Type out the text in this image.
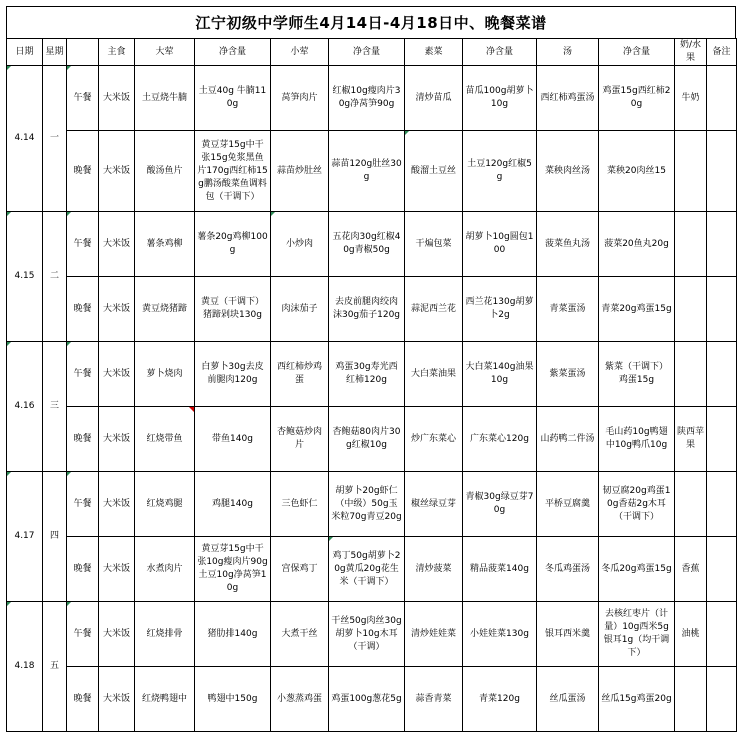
江宁初级中学师生4月14日-4月18日中、晚餐菜谱
日期	星期		主食	大荤	净含量	小荤	净含量	素菜	净含量	汤	净含量	奶/水果	备注
4.14	一	午餐	大米饭	土豆烧牛腩	土豆40g 牛腩110g	莴笋肉片	红椒10g瘦肉片30g净莴笋90g	清炒苗瓜	苗瓜100g胡萝卜10g	西红柿鸡蛋汤	鸡蛋15g西红柿20g	牛奶	
		晚餐	大米饭	酸汤鱼片	黄豆芽15g中干张15g免浆黑鱼片170g西红柿15g鹏汤酸菜鱼调料包（干调下）	蒜苗炒肚丝	蒜苗120g肚丝30g	酸溜土豆丝	土豆120g红椒5g	菜秧肉丝汤	菜秧20肉丝15		
4.15	二	午餐	大米饭	薯条鸡柳	薯条20g鸡柳100g	小炒肉	五花肉30g红椒40g青椒50g	干煸包菜	胡萝卜10g圆包100	菠菜鱼丸汤	菠菜20鱼丸20g		
		晚餐	大米饭	黄豆烧猪蹄	黄豆（干调下）猪蹄剁块130g	肉沫茄子	去皮前腿肉绞肉沫30g茄子120g	蒜泥西兰花	西兰花130g胡萝卜2g	青菜蛋汤	青菜20g鸡蛋15g		
4.16	三	午餐	大米饭	萝卜烧肉	白萝卜30g去皮前腿肉120g	西红柿炒鸡蛋	鸡蛋30g寿光西红柿120g	大白菜油果	大白菜140g油果10g	紫菜蛋汤	紫菜（干调下）鸡蛋15g		
		晚餐	大米饭	红烧带鱼	带鱼140g	杏鲍菇炒肉片	杏鲍菇80肉片30g红椒10g	炒广东菜心	广东菜心120g	山药鸭二件汤	毛山药10g鸭翅中10g鸭爪10g	陕西苹果	
4.17	四	午餐	大米饭	红烧鸡腿	鸡腿140g	三色虾仁	胡萝卜20g虾仁（中级）50g玉米粒70g青豆20g	椒丝绿豆芽	青椒30g绿豆芽70g	平桥豆腐羹	韧豆腐20g鸡蛋10g香菇2g木耳（干调下）		
		晚餐	大米饭	水煮肉片	黄豆芽15g中干张10g瘦肉片90g土豆10g净莴笋10g	宫保鸡丁	鸡丁50g胡萝卜20g黄瓜20g花生米（干调下）	清炒菠菜	精品菠菜140g	冬瓜鸡蛋汤	冬瓜20g鸡蛋15g	香蕉	
4.18	五	午餐	大米饭	红烧排骨	猪肋排140g	大煮干丝	干丝50g肉丝30g胡萝卜10g木耳（干调）	清炒娃娃菜	小娃娃菜130g	银耳西米羹	去核红枣片（计量）10g西米5g银耳1g（均干调下）	油桃	
		晚餐	大米饭	红烧鸭翅中	鸭翅中150g	小葱蒸鸡蛋	鸡蛋100g葱花5g	蒜香青菜	青菜120g	丝瓜蛋汤	丝瓜15g鸡蛋20g		
